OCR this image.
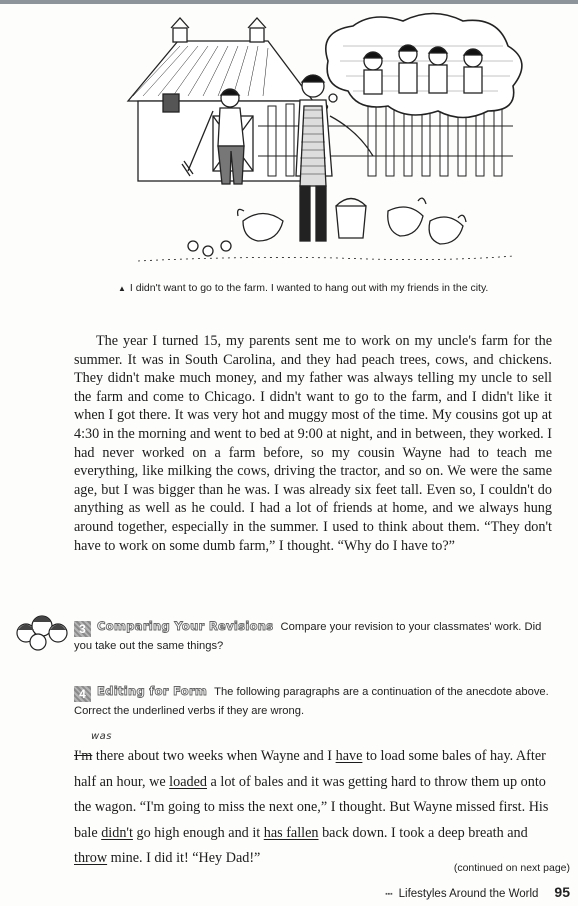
▲ I didn't want to go to the farm. I wanted to hang out with my friends in the city.

The year I turned 15, my parents sent me to work on my uncle's farm for the summer. It was in South Carolina, and they had peach trees, cows, and chickens. They didn't make much money, and my father was always telling my uncle to sell the farm and come to Chicago. I didn't want to go to the farm, and I didn't like it when I got there. It was very hot and muggy most of the time. My cousins got up at 4:30 in the morning and went to bed at 9:00 at night, and in between, they worked. I had never worked on a farm before, so my cousin Wayne had to teach me everything, like milking the cows, driving the tractor, and so on. We were the same age, but I was bigger than he was. I was already six feet tall. Even so, I couldn't do anything as well as he could. I had a lot of friends at home, and we always hung around together, especially in the summer. I used to think about them. “They don't have to work on some dumb farm,” I thought. “Why do I have to?”

3 Comparing Your Revisions Compare your revision to your classmates' work. Did you take out the same things?
4 Editing for Form The following paragraphs are a continuation of the anecdote above. Correct the underlined verbs if they are wrong.
was

I'm there about two weeks when Wayne and I have to load some bales of hay. After half an hour, we loaded a lot of bales and it was getting hard to throw them up onto the wagon. “I'm going to miss the next one,” I thought. But Wayne missed first. His bale didn't go high enough and it has fallen back down. I took a deep breath and throw mine. I did it! “Hey Dad!”

(continued on next page)
▪▪▪ Lifestyles Around the World 95
